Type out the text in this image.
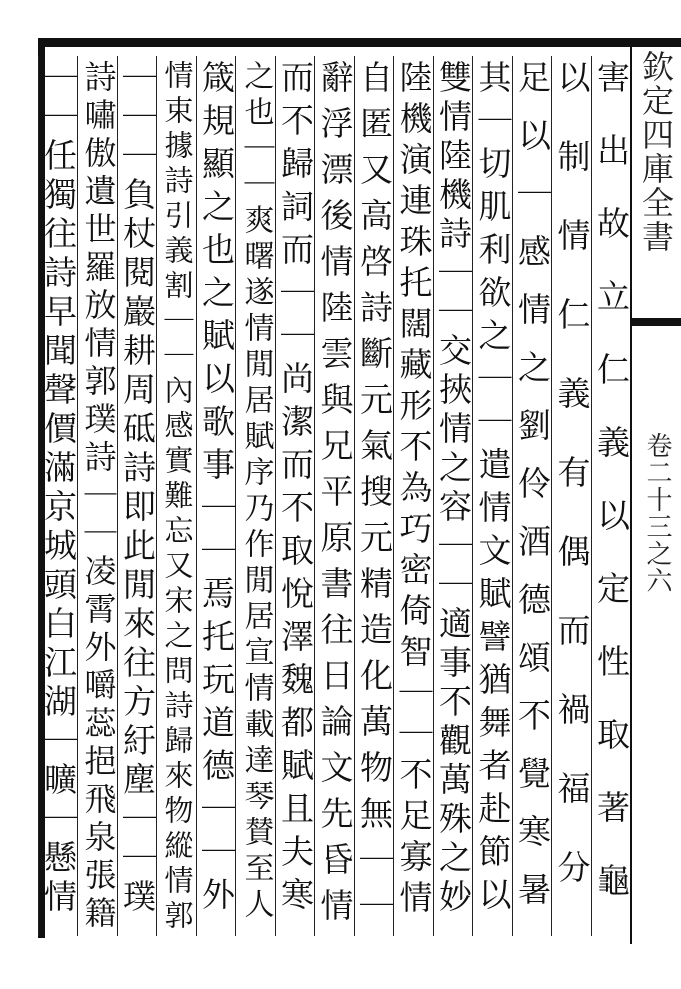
欽定四庫全書
卷二十三之六
害出故立仁義以定性取著龜
以制情仁義有偶而禍福分
足以｜感情之劉伶酒德頌不覺寒暑
其｜切肌利欲之｜｜遣情文賦譬猶舞者赴節以
雙情陸機詩｜｜交挾情之容｜｜適事不觀萬殊之妙
陸機演連珠托闊藏形不為巧密倚智｜｜不足寡情
自匿又高啓詩斷元氣搜元精造化萬物無｜｜
辭浮漂後情陸雲與兄平原書往日論文先昏情
而不歸詞而｜｜尚潔而不取悅澤魏都賦且夫寒
之也｜｜爽曙遂情閒居賦序乃作閒居宣情載達琴賛至人
箴規顯之也之賦以歌事｜｜焉托玩道德｜｜外
情束據詩引義割｜｜內感實難忘又宋之問詩歸來物縱情郭
｜｜｜負杖閱巖耕周砥詩即此閒來往方紆塵｜｜璞
詩嘯傲遺世羅放情郭璞詩｜｜凌霄外嚼蕊挹飛泉張籍
｜｜任獨往詩早聞聲價滿京城頭白江湖｜曠｜懸情
